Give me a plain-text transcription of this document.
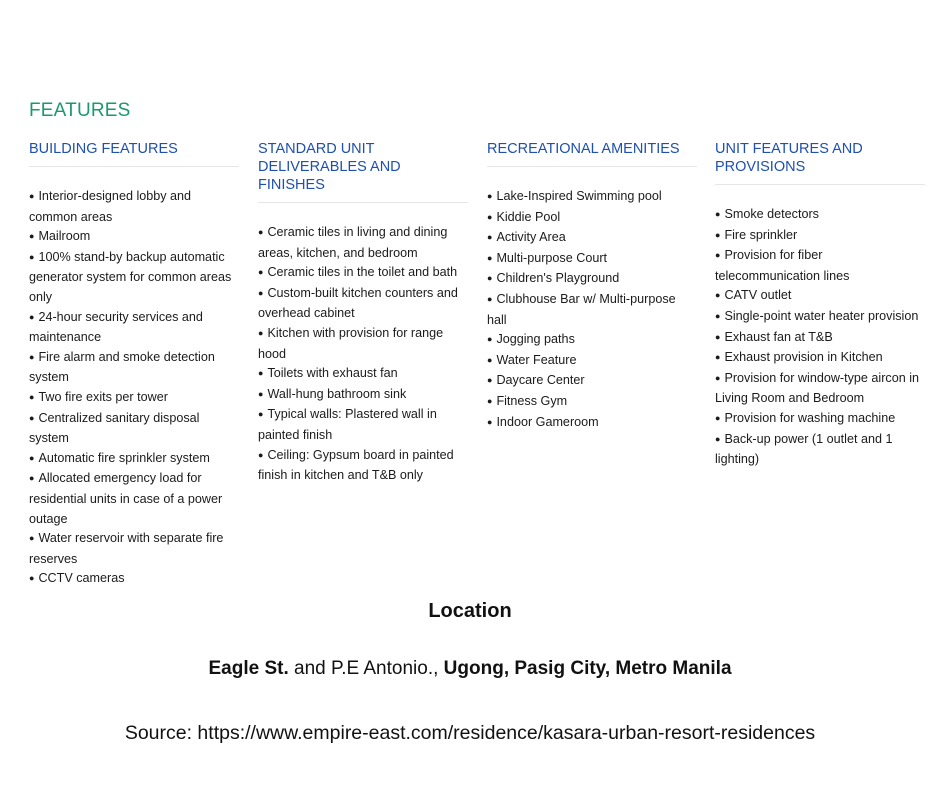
FEATURES
BUILDING FEATURES
● Interior-designed lobby and common areas
● Mailroom
● 100% stand-by backup automatic generator system for common areas only
● 24-hour security services and maintenance
● Fire alarm and smoke detection system
● Two fire exits per tower
● Centralized sanitary disposal system
● Automatic fire sprinkler system
● Allocated emergency load for residential units in case of a power outage
● Water reservoir with separate fire reserves
● CCTV cameras
STANDARD UNIT DELIVERABLES AND FINISHES
● Ceramic tiles in living and dining areas, kitchen, and bedroom
● Ceramic tiles in the toilet and bath
● Custom-built kitchen counters and overhead cabinet
● Kitchen with provision for range hood
● Toilets with exhaust fan
● Wall-hung bathroom sink
● Typical walls: Plastered wall in painted finish
● Ceiling: Gypsum board in painted finish in kitchen and T&B only
RECREATIONAL AMENITIES
● Lake-Inspired Swimming pool
● Kiddie Pool
● Activity Area
● Multi-purpose Court
● Children's Playground
● Clubhouse Bar w/ Multi-purpose hall
● Jogging paths
● Water Feature
● Daycare Center
● Fitness Gym
● Indoor Gameroom
UNIT FEATURES AND PROVISIONS
● Smoke detectors
● Fire sprinkler
● Provision for fiber telecommunication lines
● CATV outlet
● Single-point water heater provision
● Exhaust fan at T&B
● Exhaust provision in Kitchen
● Provision for window-type aircon in Living Room and Bedroom
● Provision for washing machine
● Back-up power (1 outlet and 1 lighting)
Location
Eagle St. and P.E Antonio., Ugong, Pasig City, Metro Manila
Source: https://www.empire-east.com/residence/kasara-urban-resort-residences
